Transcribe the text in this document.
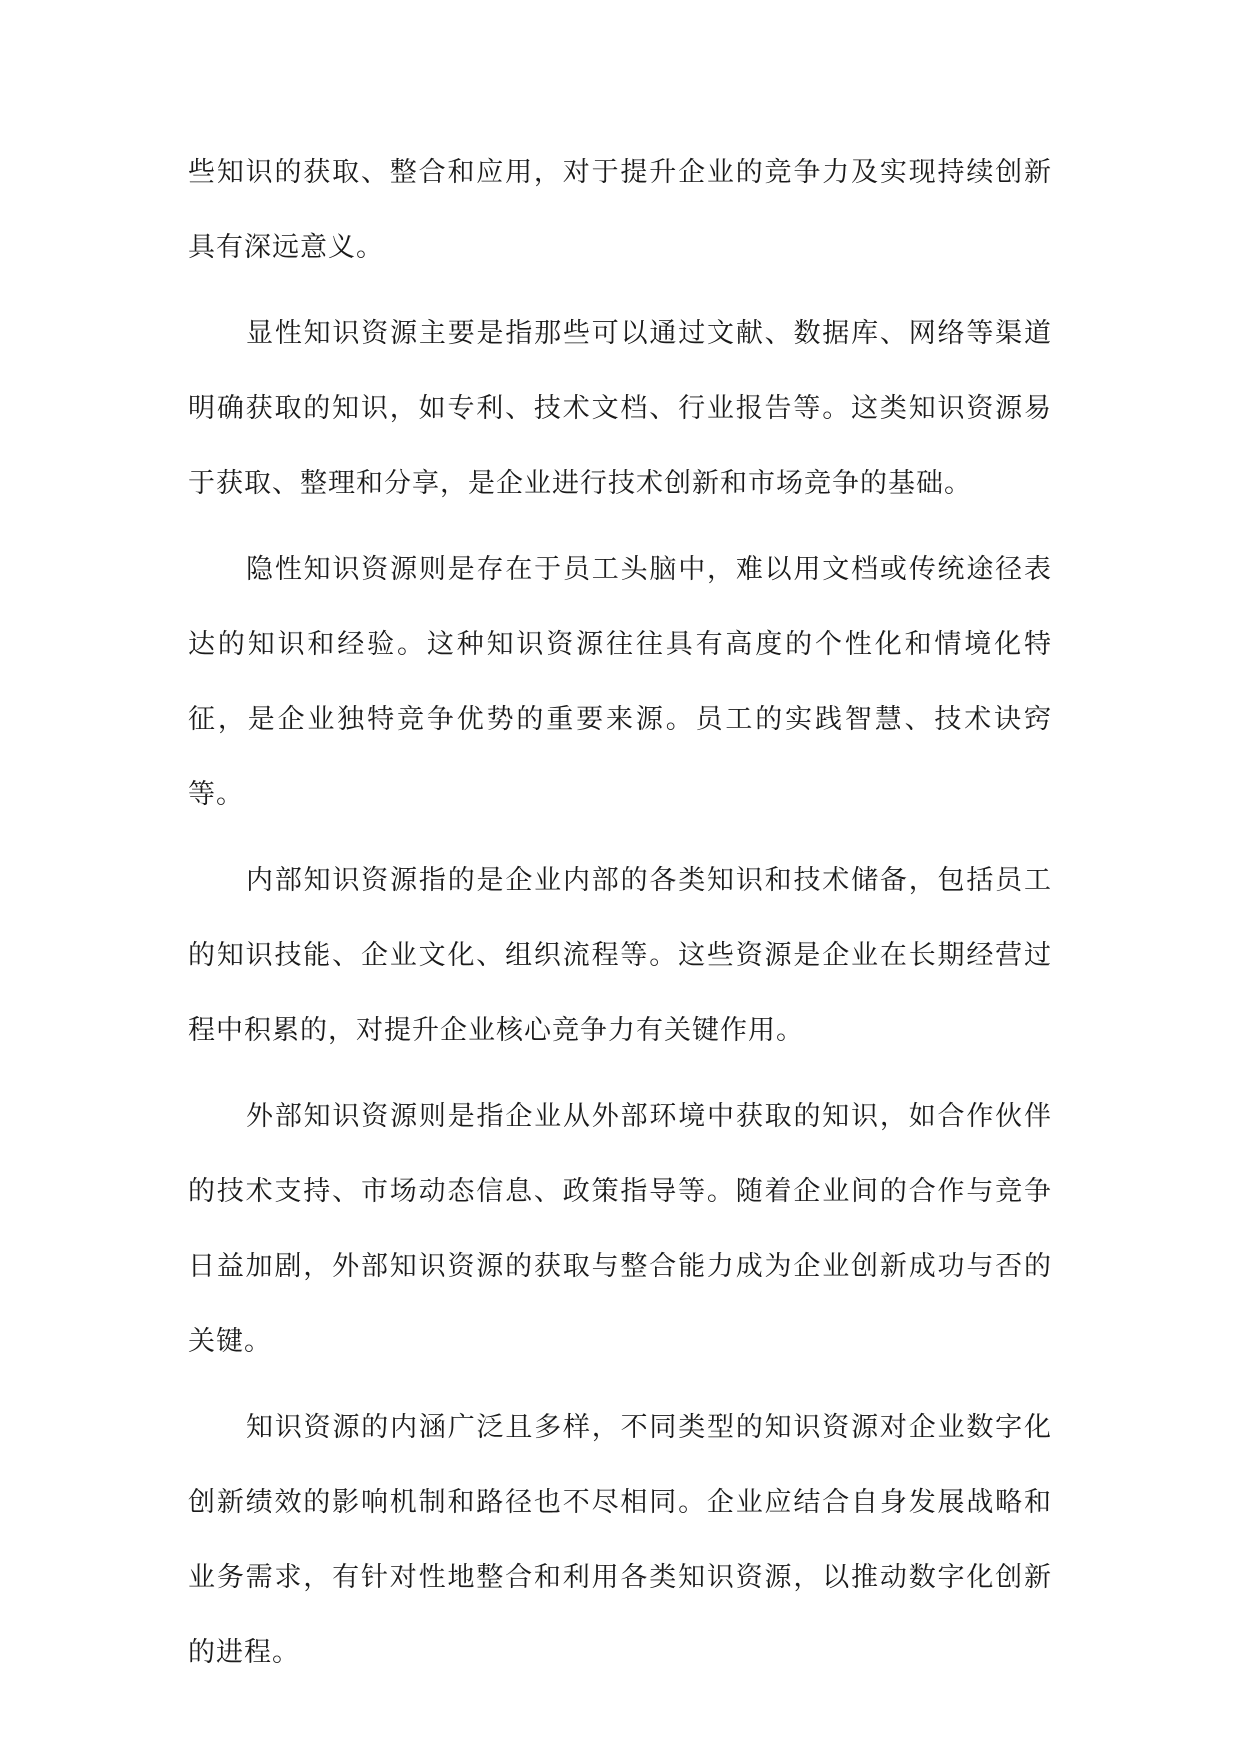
些知识的获取、整合和应用，对于提升企业的竞争力及实现持续创新具有深远意义。

显性知识资源主要是指那些可以通过文献、数据库、网络等渠道明确获取的知识，如专利、技术文档、行业报告等。这类知识资源易于获取、整理和分享，是企业进行技术创新和市场竞争的基础。

隐性知识资源则是存在于员工头脑中，难以用文档或传统途径表达的知识和经验。这种知识资源往往具有高度的个性化和情境化特征，是企业独特竞争优势的重要来源。员工的实践智慧、技术诀窍等。

内部知识资源指的是企业内部的各类知识和技术储备，包括员工的知识技能、企业文化、组织流程等。这些资源是企业在长期经营过程中积累的，对提升企业核心竞争力有关键作用。

外部知识资源则是指企业从外部环境中获取的知识，如合作伙伴的技术支持、市场动态信息、政策指导等。随着企业间的合作与竞争日益加剧，外部知识资源的获取与整合能力成为企业创新成功与否的关键。

知识资源的内涵广泛且多样，不同类型的知识资源对企业数字化创新绩效的影响机制和路径也不尽相同。企业应结合自身发展战略和业务需求，有针对性地整合和利用各类知识资源，以推动数字化创新的进程。
